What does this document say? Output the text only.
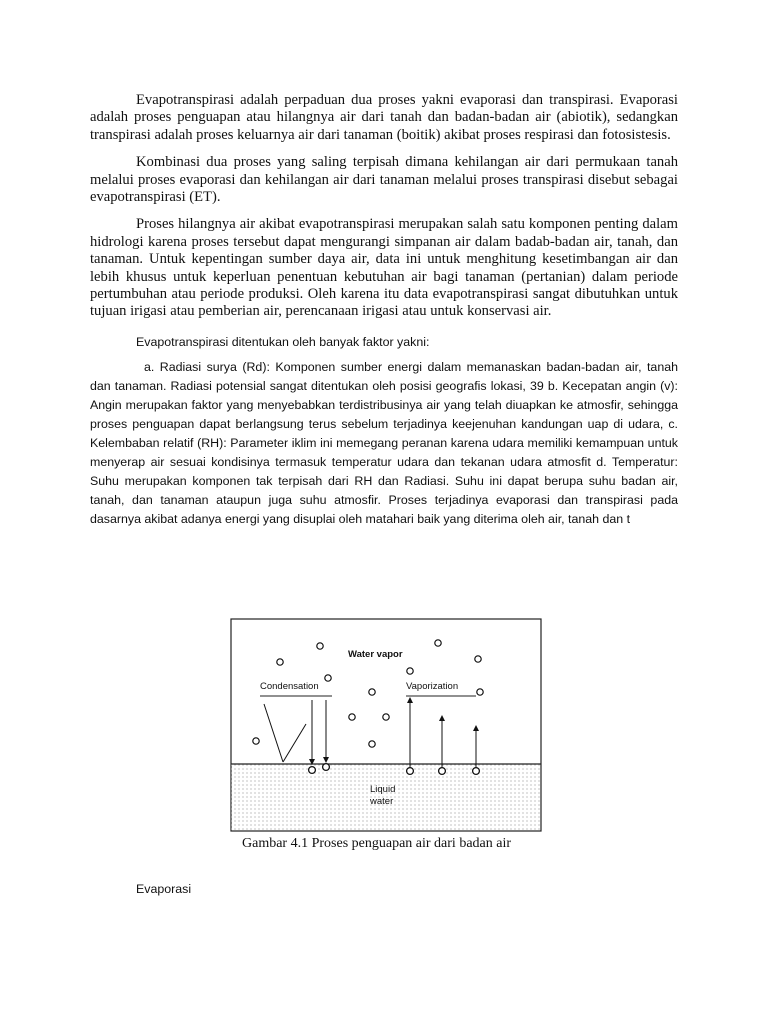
Evapotranspirasi adalah perpaduan dua proses yakni evaporasi dan transpirasi. Evaporasi adalah proses penguapan atau hilangnya air dari tanah dan badan-badan air (abiotik), sedangkan transpirasi adalah proses keluarnya air dari tanaman (boitik) akibat proses respirasi dan fotosistesis.

Kombinasi dua proses yang saling terpisah dimana kehilangan air dari permukaan tanah melalui proses evaporasi dan kehilangan air dari tanaman melalui proses transpirasi disebut sebagai evapotranspirasi (ET).

Proses hilangnya air akibat evapotranspirasi merupakan salah satu komponen penting dalam hidrologi karena proses tersebut dapat mengurangi simpanan air dalam badab-badan air, tanah, dan tanaman. Untuk kepentingan sumber daya air, data ini untuk menghitung kesetimbangan air dan lebih khusus untuk keperluan penentuan kebutuhan air bagi tanaman (pertanian) dalam periode pertumbuhan atau periode produksi. Oleh karena itu data evapotranspirasi sangat dibutuhkan untuk tujuan irigasi atau pemberian air, perencanaan irigasi atau untuk konservasi air.

Evapotranspirasi ditentukan oleh banyak faktor yakni:

a. Radiasi surya (Rd): Komponen sumber energi dalam memanaskan badan-badan air, tanah dan tanaman. Radiasi potensial sangat ditentukan oleh posisi geografis lokasi, 39 b. Kecepatan angin (v): Angin merupakan faktor yang menyebabkan terdistribusinya air yang telah diuapkan ke atmosfir, sehingga proses penguapan dapat berlangsung terus sebelum terjadinya keejenuhan kandungan uap di udara, c. Kelembaban relatif (RH): Parameter iklim ini memegang peranan karena udara memiliki kemampuan untuk menyerap air sesuai kondisinya termasuk temperatur udara dan tekanan udara atmosfit d. Temperatur: Suhu merupakan komponen tak terpisah dari RH dan Radiasi. Suhu ini dapat berupa suhu badan air, tanah, dan tanaman ataupun juga suhu atmosfir. Proses terjadinya evaporasi dan transpirasi pada dasarnya akibat adanya energi yang disuplai oleh matahari baik yang diterima oleh air, tanah dan t

Water vapor
Condensation	Vaporization
Liquid
water
Gambar 4.1 Proses penguapan air dari badan air
Evaporasi
